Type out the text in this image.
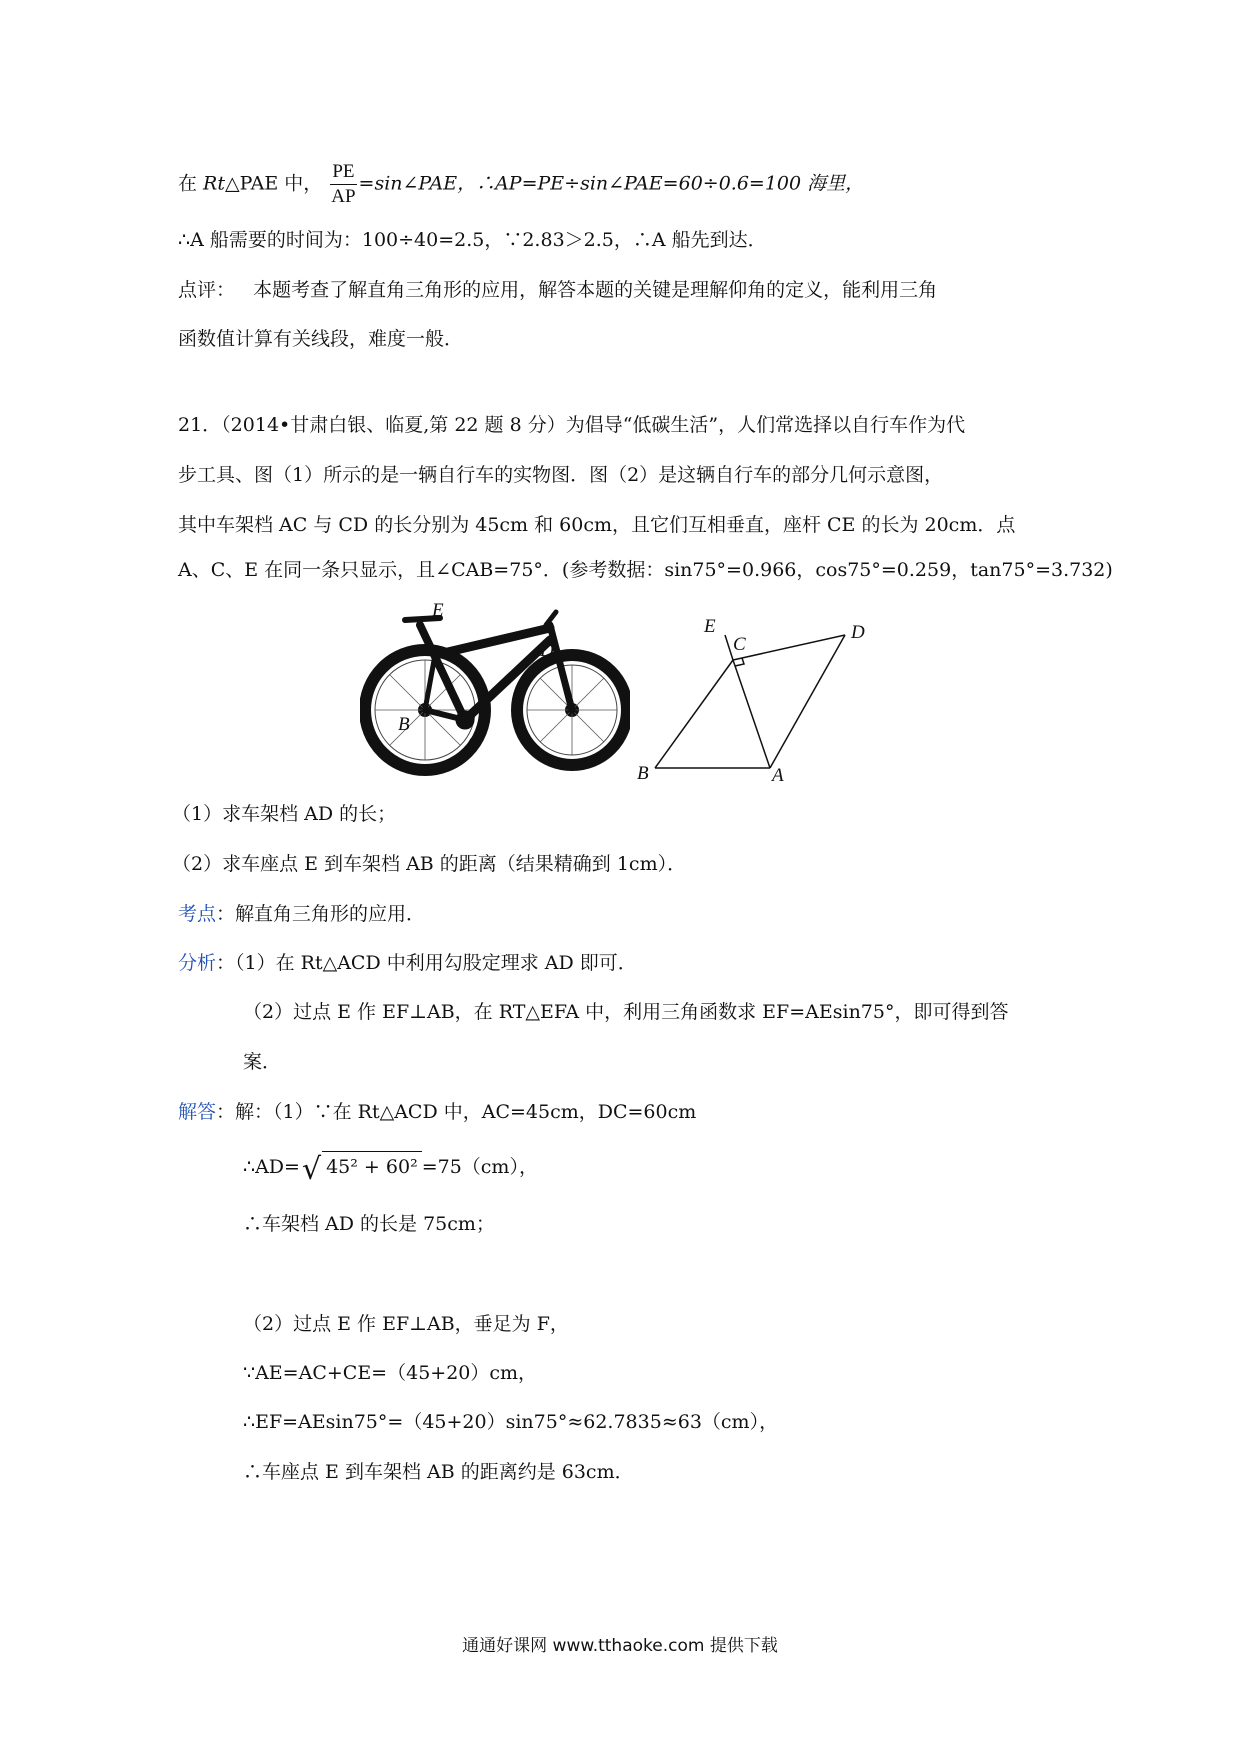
在 Rt△PAE 中， $\frac{PE}{AP}$ =sin∠PAE，∴AP=PE÷sin∠PAE=60÷0.6=100 海里，
∴A 船需要的时间为：100÷40=2.5，∵2.83＞2.5，∴A 船先到达．
点评： 本题考查了解直角三角形的应用，解答本题的关键是理解仰角的定义，能利用三角
函数值计算有关线段，难度一般．
21．（2014•甘肃白银、临夏,第 22 题 8 分）为倡导“低碳生活”，人们常选择以自行车作为代
步工具、图（1）所示的是一辆自行车的实物图．图（2）是这辆自行车的部分几何示意图，
其中车架档 AC 与 CD 的长分别为 45cm 和 60cm，且它们互相垂直，座杆 CE 的长为 20cm．点
A、C、E 在同一条只显示，且∠CAB=75°．(参考数据：sin75°=0.966，cos75°=0.259，tan75°=3.732)
E
C	D
B
A
E
C
D
B	A
（1）求车架档 AD 的长；
（2）求车座点 E 到车架档 AB 的距离（结果精确到 1cm）．
考点：解直角三角形的应用．
分析：（1）在 Rt△ACD 中利用勾股定理求 AD 即可．
（2）过点 E 作 EF⊥AB，在 RT△EFA 中，利用三角函数求 EF=AEsin75°，即可得到答
案．
解答：解：（1）∵在 Rt△ACD 中，AC=45cm，DC=60cm
∴AD=√ 45² + 60² =75（cm），
∴车架档 AD 的长是 75cm；
（2）过点 E 作 EF⊥AB，垂足为 F，
∵AE=AC+CE=（45+20）cm，
∴EF=AEsin75°=（45+20）sin75°≈62.7835≈63（cm），
∴车座点 E 到车架档 AB 的距离约是 63cm．
通通好课网 www.tthaoke.com 提供下载
